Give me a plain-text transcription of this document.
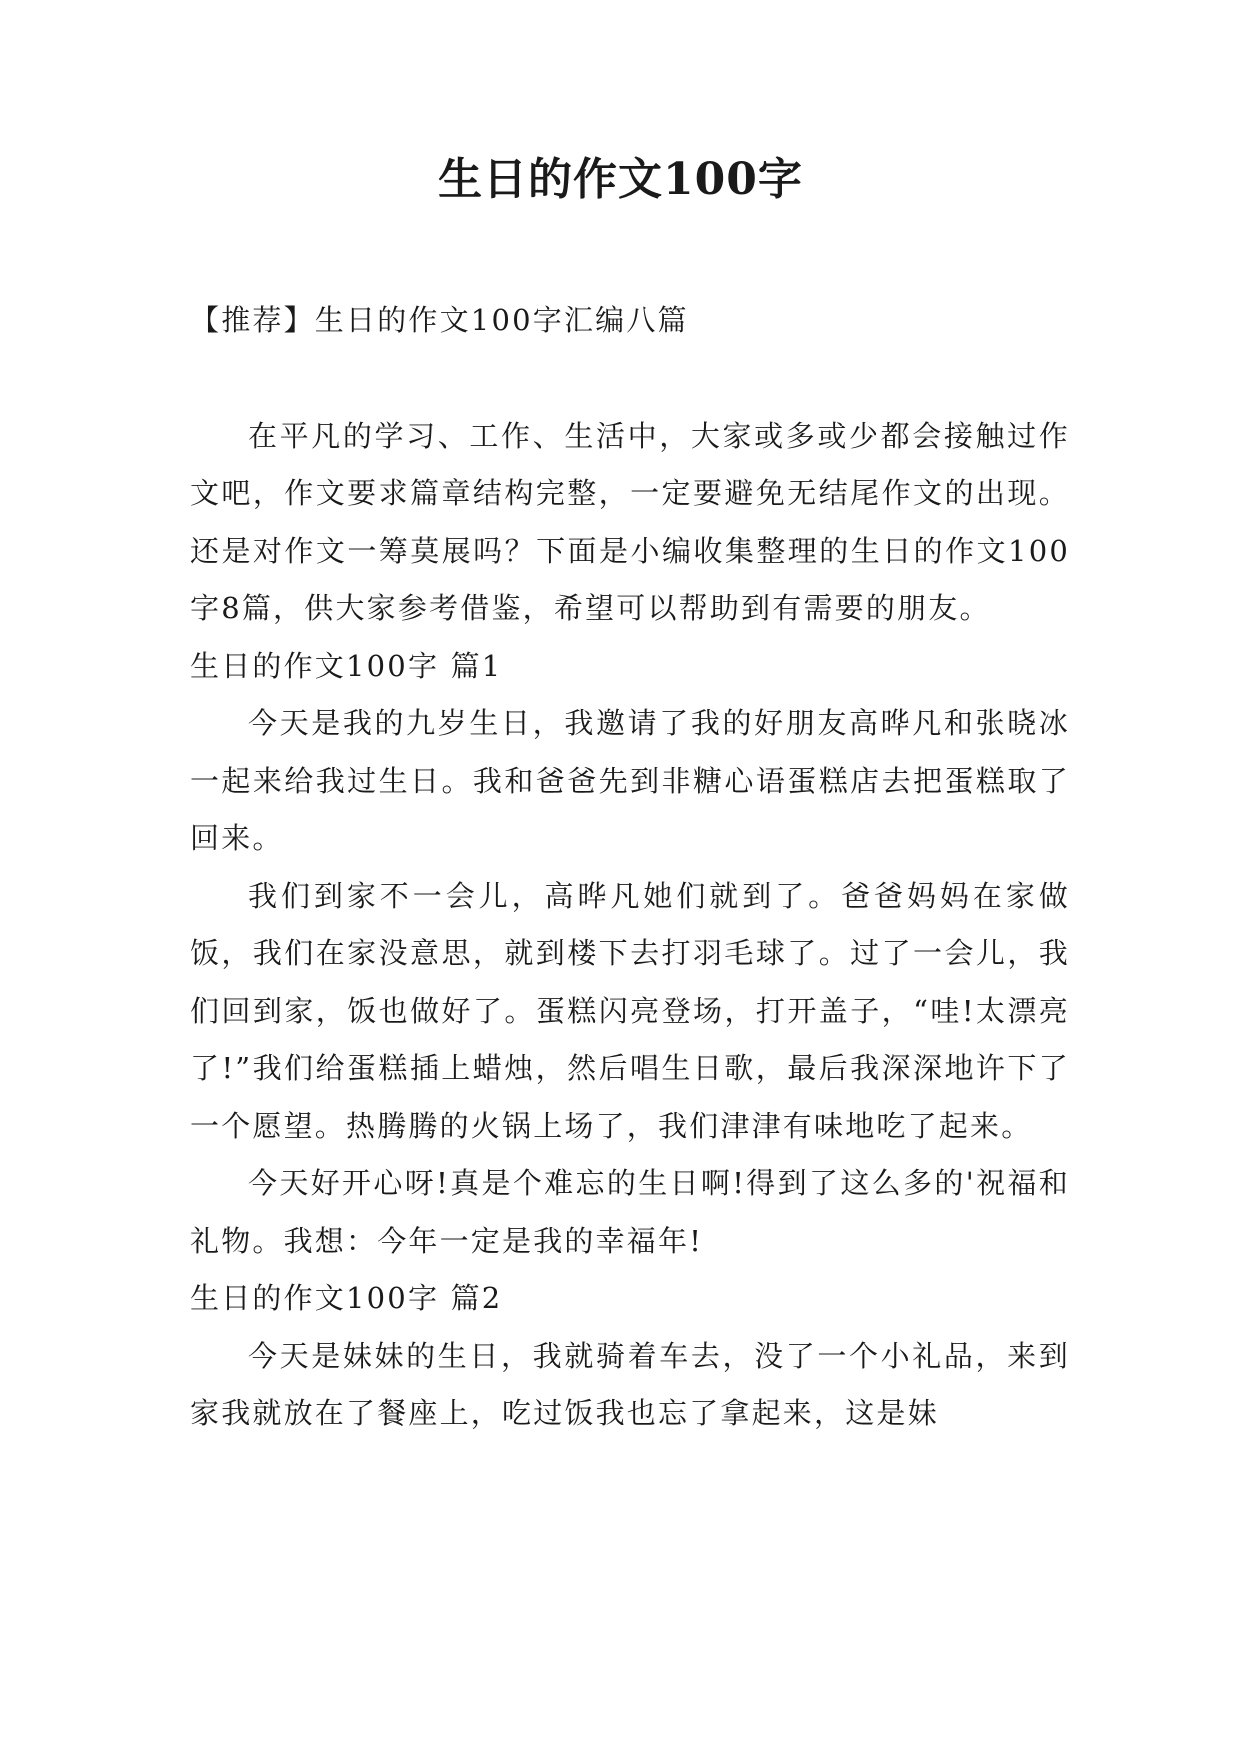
生日的作文100字

【推荐】生日的作文100字汇编八篇

在平凡的学习、工作、生活中，大家或多或少都会接触过作文吧，作文要求篇章结构完整，一定要避免无结尾作文的出现。还是对作文一筹莫展吗？下面是小编收集整理的生日的作文100字8篇，供大家参考借鉴，希望可以帮助到有需要的朋友。

生日的作文100字 篇1

今天是我的九岁生日，我邀请了我的好朋友高晔凡和张晓冰一起来给我过生日。我和爸爸先到非糖心语蛋糕店去把蛋糕取了回来。

我们到家不一会儿，高晔凡她们就到了。爸爸妈妈在家做饭，我们在家没意思，就到楼下去打羽毛球了。过了一会儿，我们回到家，饭也做好了。蛋糕闪亮登场，打开盖子，“哇!太漂亮了!”我们给蛋糕插上蜡烛，然后唱生日歌，最后我深深地许下了一个愿望。热腾腾的火锅上场了，我们津津有味地吃了起来。

今天好开心呀!真是个难忘的生日啊!得到了这么多的'祝福和礼物。我想：今年一定是我的幸福年!

生日的作文100字 篇2

今天是妹妹的生日，我就骑着车去，没了一个小礼品，来到家我就放在了餐座上，吃过饭我也忘了拿起来，这是妹
